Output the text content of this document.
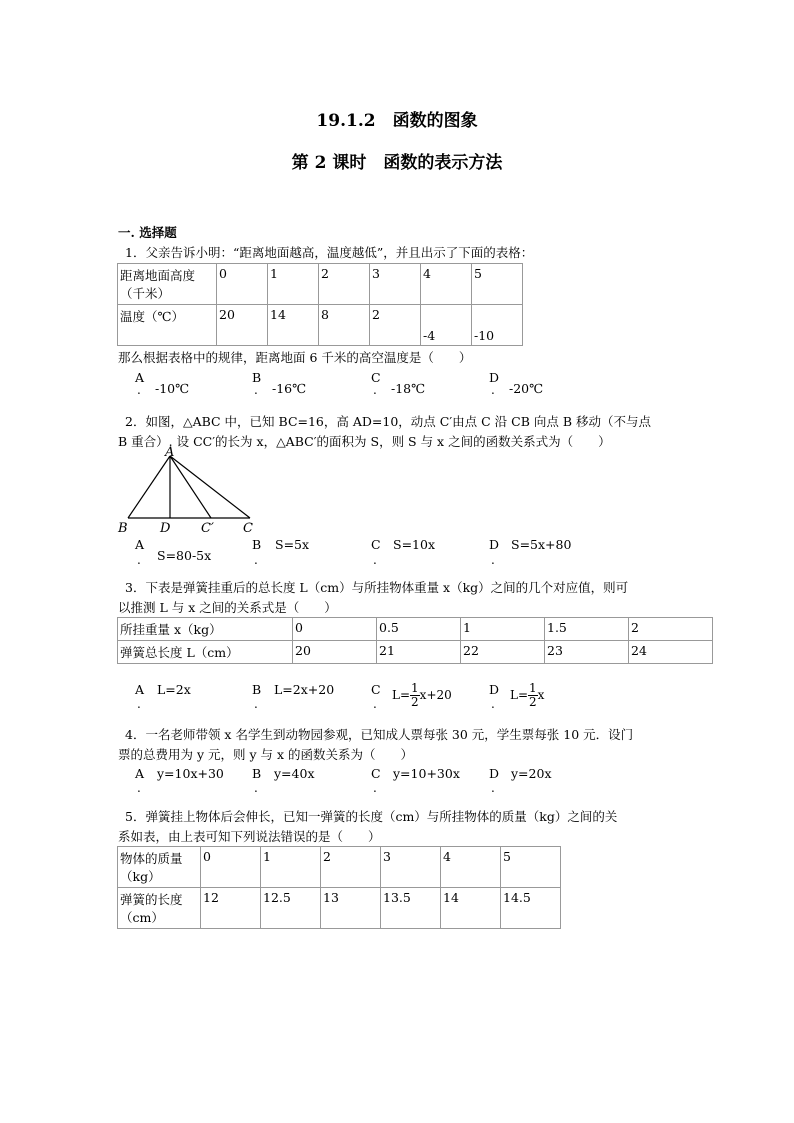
19.1.2　函数的图象
第 2 课时　函数的表示方法
一. 选择题
1．父亲告诉小明：“距离地面越高，温度越低”，并且出示了下面的表格：
距离地面高度
（千米）	0	1	2	3	4	5
温度（℃）	20	14	8	2	-4	-10
那么根据表格中的规律，距离地面 6 千米的高空温度是（　　）
A
-10℃
.
B
-16℃
.
C
-18℃
.
D
-20℃
.
2．如图，△ABC 中，已知 BC=16，高 AD=10，动点 C′由点 C 沿 CB 向点 B 移动（不与点
B 重合）. 设 CC′的长为 x，△ABC′的面积为 S，则 S 与 x 之间的函数关系式为（　　）
A
B D C′ C
A
S=80-5x
.
B S=5x
.
C S=10x
.
D S=5x+80
.
3．下表是弹簧挂重后的总长度 L（cm）与所挂物体重量 x（kg）之间的几个对应值，则可
以推测 L 与 x 之间的关系式是（　　）
所挂重量 x（kg）	0	0.5	1	1.5	2
弹簧总长度 L（cm）	20	21	22	23	24
A L=2x
.
B L=2x+20
.
C $L= \frac{1}{2} x+20$
.
D $L= \frac{1}{2}$ x
.
4．一名老师带领 x 名学生到动物园参观，已知成人票每张 30 元，学生票每张 10 元．设门
票的总费用为 y 元，则 y 与 x 的函数关系为（　　）
A y=10x+30
.
B y=40x
.
C y=10+30x
.
D y=20x
.
5．弹簧挂上物体后会伸长，已知一弹簧的长度（cm）与所挂物体的质量（kg）之间的关
系如表，由上表可知下列说法错误的是（　　）
物体的质量
（kg）	0	1	2	3	4	5

弹簧的长度
（cm）	12	12.5	13	13.5	14	14.5
